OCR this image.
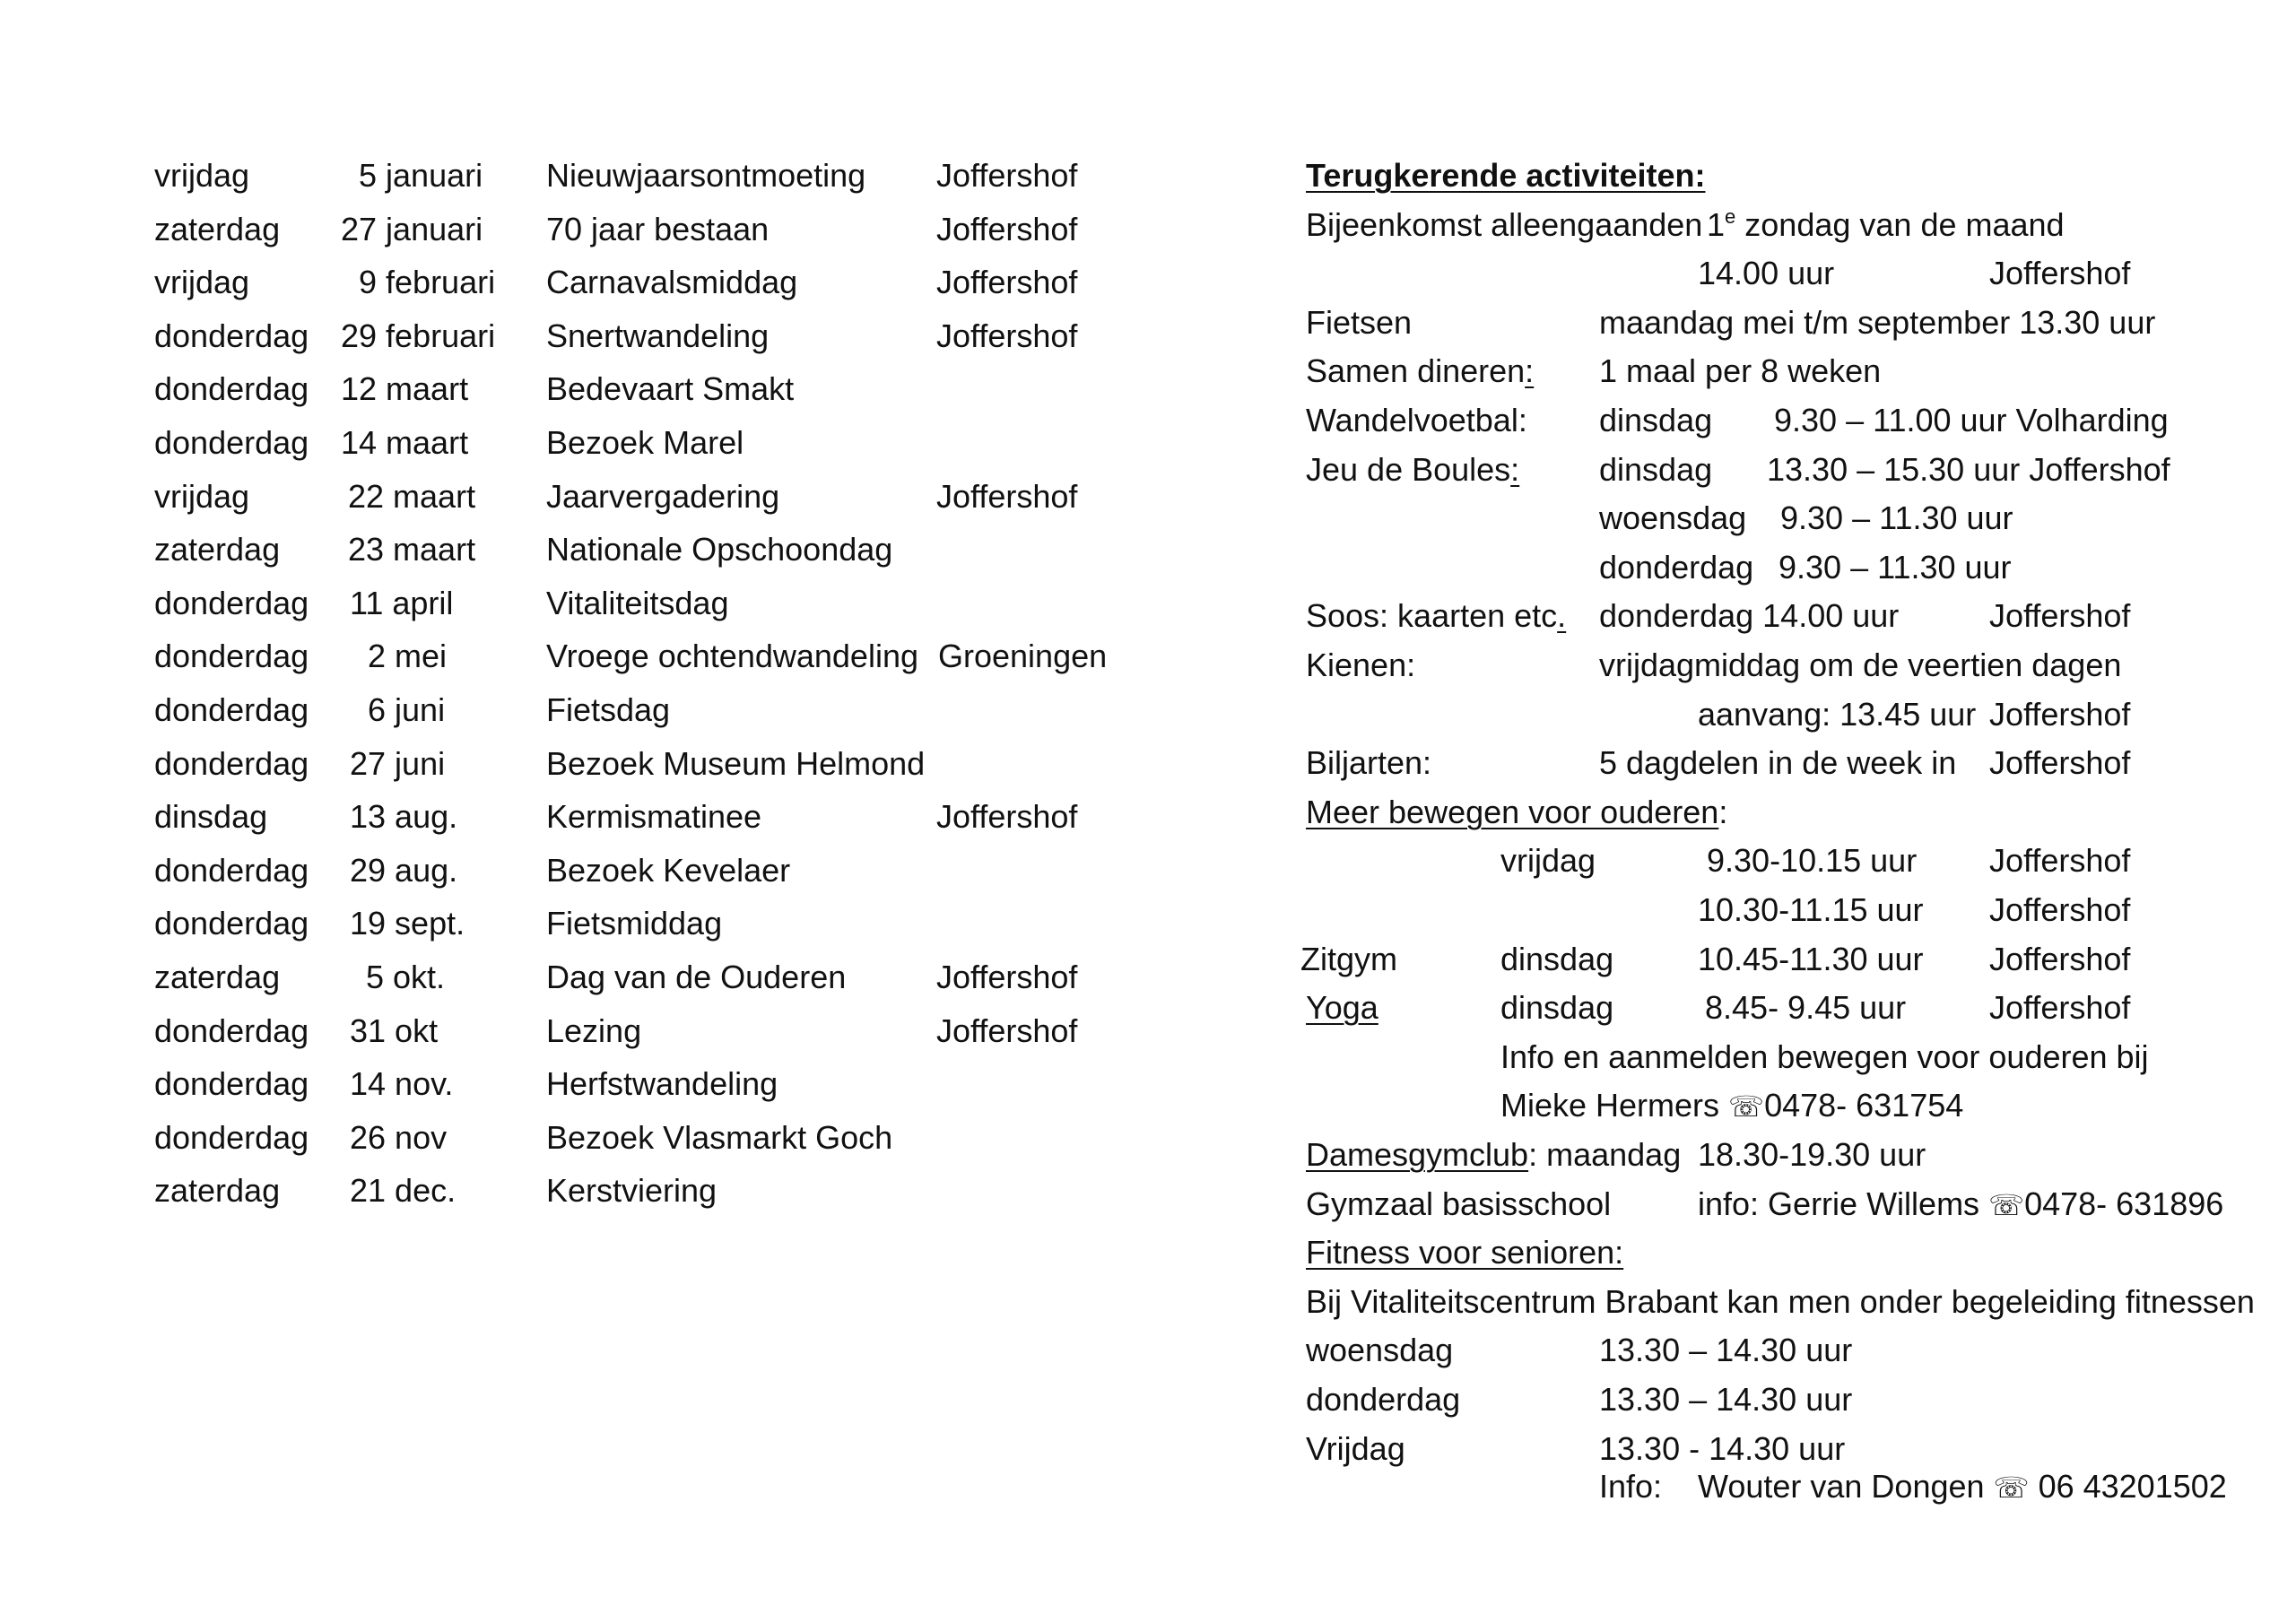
vrijdag	5 januari Nieuwjaarsontmoeting Joffershof
zaterdag 27 januari 70 jaar bestaan	Joffershof
vrijdag	9 februari Carnavalsmiddag	Joffershof
donderdag 29 februari Snertwandeling	Joffershof
donderdag 12 maart Bedevaart Smakt
donderdag 14 maart Bezoek Marel
vrijdag	22 maart Jaarvergadering	Joffershof
zaterdag 23 maart Nationale Opschoondag
donderdag 11 april	Vitaliteitsdag
donderdag 2 mei	Vroege ochtendwandeling Groeningen
donderdag 6 juni	Fietsdag
donderdag 27 juni	Bezoek Museum Helmond
dinsdag	13 aug.	Kermismatinee	Joffershof
donderdag 29 aug.	Bezoek Kevelaer
donderdag 19 sept.	Fietsmiddag
zaterdag	5 okt.	Dag van de Ouderen	Joffershof
donderdag 31 okt	Lezing	Joffershof
donderdag 14 nov.	Herfstwandeling
donderdag 26 nov	Bezoek Vlasmarkt Goch
zaterdag 21 dec.	Kerstviering
Terugkerende activiteiten:
Bijeenkomst alleengaanden 1e zondag van de maand
14.00 uur	Joffershof
Fietsen	maandag mei t/m september 13.30 uur
Samen dineren: 1 maal per 8 weken
Wandelvoetbal: dinsdag 9.30 – 11.00 uur Volharding
Jeu de Boules: dinsdag 13.30 – 15.30 uur Joffershof
woensdag 9.30 – 11.30 uur
donderdag 9.30 – 11.30 uur
Soos: kaarten etc. donderdag 14.00 uur	Joffershof
Kienen:	vrijdagmiddag om de veertien dagen
aanvang: 13.45 uur Joffershof
Biljarten:	5 dagdelen in de week in Joffershof
Meer bewegen voor ouderen:
vrijdag	9.30-10.15 uur Joffershof
10.30-11.15 uur Joffershof
Zitgym	dinsdag	10.45-11.30 uur Joffershof
Yoga	dinsdag	8.45- 9.45 uur	Joffershof
Info en aanmelden bewegen voor ouderen bij
Mieke Hermers ☏0478- 631754
Damesgymclub: maandag 18.30-19.30 uur
Gymzaal basisschool	info: Gerrie Willems ☏0478- 631896
Fitness voor senioren:
Bij Vitaliteitscentrum Brabant kan men onder begeleiding fitnessen
woensdag	13.30 – 14.30 uur
donderdag	13.30 – 14.30 uur
Vrijdag	13.30 - 14.30 uur
Info: Wouter van Dongen ☏ 06 43201502
